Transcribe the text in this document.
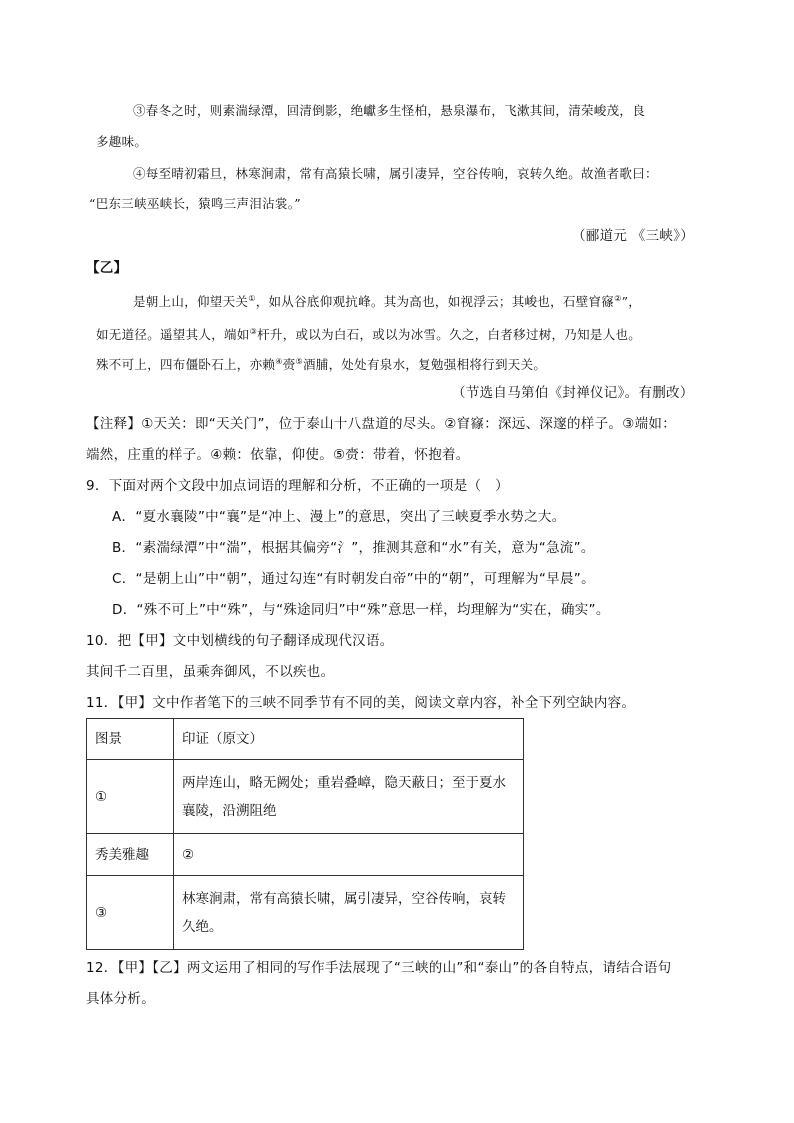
③春冬之时，则素湍绿潭，回清倒影，绝巘多生怪柏，悬泉瀑布，飞漱其间，清荣峻茂，良
多趣味。
④每至晴初霜旦，林寒涧肃，常有高猿长啸，属引凄异，空谷传响，哀转久绝。故渔者歌曰：
“巴东三峡巫峡长，猿鸣三声泪沾裳。”
（郦道元 《三峡》）
【乙】
是朝上山，仰望天关①，如从谷底仰观抗峰。其为高也，如视浮云；其峻也，石壁窅窱②”，
如无道径。遥望其人，端如③杆升，或以为白石，或以为冰雪。久之，白者移过树，乃知是人也。
殊不可上，四布僵卧石上，亦赖④赍⑤酒脯，处处有泉水，复勉强相将行到天关。
（节选自马第伯《封禅仪记》。有删改）
【注释】①天关：即“天关门”，位于泰山十八盘道的尽头。②窅窱：深远、深邃的样子。③端如：
端然，庄重的样子。④赖：依靠，仰使。⑤赍：带着，怀抱着。
9．下面对两个文段中加点词语的理解和分析，不正确的一项是（　）
A．“夏水襄陵”中“襄”是“冲上、漫上”的意思，突出了三峡夏季水势之大。
B．“素湍绿潭”中“湍”，根据其偏旁“氵”，推测其意和“水”有关，意为“急流”。
C．“是朝上山”中“朝”，通过勾连“有时朝发白帝”中的“朝”，可理解为“早晨”。
D．“殊不可上”中“殊”，与“殊途同归”中“殊”意思一样，均理解为“实在，确实”。
10．把【甲】文中划横线的句子翻译成现代汉语。
其间千二百里，虽乘奔御风，不以疾也。
11．【甲】文中作者笔下的三峡不同季节有不同的美，阅读文章内容，补全下列空缺内容。
图景	印证（原文）
①	两岸连山，略无阙处；重岩叠嶂，隐天蔽日；至于夏水
襄陵，沿溯阻绝

秀美雅趣	②

③	林寒涧肃，常有高猿长啸，属引凄异，空谷传响，哀转
久绝。
12．【甲】【乙】两文运用了相同的写作手法展现了“三峡的山”和“泰山”的各自特点，请结合语句
具体分析。
